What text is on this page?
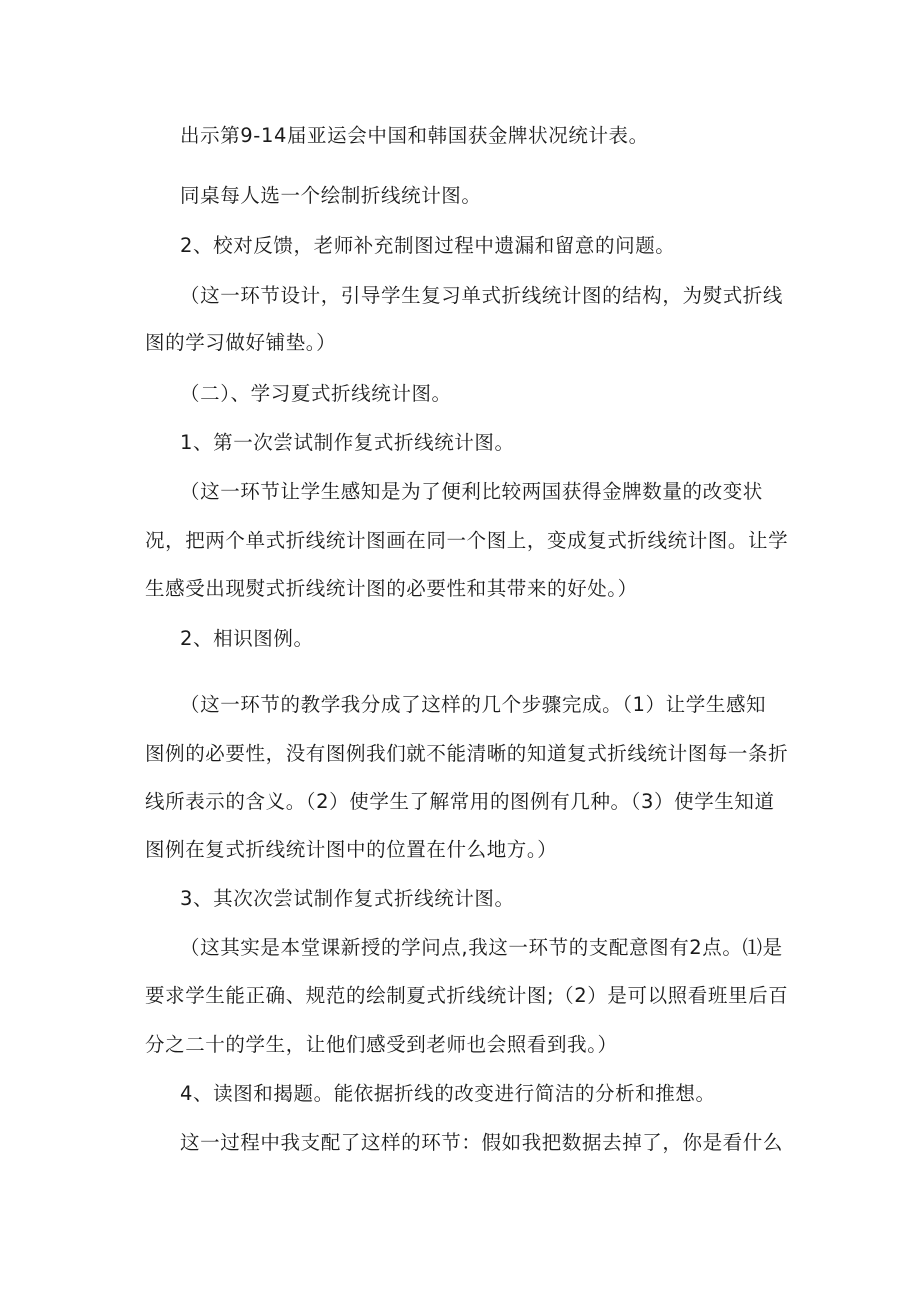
出示第9-14届亚运会中国和韩国获金牌状况统计表。
同桌每人选一个绘制折线统计图。
2、校对反馈，老师补充制图过程中遗漏和留意的问题。
（这一环节设计，引导学生复习单式折线统计图的结构，为熨式折线
图的学习做好铺垫。）
（二）、学习夏式折线统计图。
1、第一次尝试制作复式折线统计图。
（这一环节让学生感知是为了便利比较两国获得金牌数量的改变状
况，把两个单式折线统计图画在同一个图上，变成复式折线统计图。让学
生感受出现熨式折线统计图的必要性和其带来的好处。）
2、相识图例。
（这一环节的教学我分成了这样的几个步骤完成。（1）让学生感知
图例的必要性，没有图例我们就不能清晰的知道复式折线统计图每一条折
线所表示的含义。（2）使学生了解常用的图例有几种。（3）使学生知道
图例在复式折线统计图中的位置在什么地方。）
3、其次次尝试制作复式折线统计图。
（这其实是本堂课新授的学问点,我这一环节的支配意图有2点。⑴是
要求学生能正确、规范的绘制夏式折线统计图;（2）是可以照看班里后百
分之二十的学生，让他们感受到老师也会照看到我。）
4、读图和揭题。能依据折线的改变进行简洁的分析和推想。
这一过程中我支配了这样的环节：假如我把数据去掉了，你是看什么
